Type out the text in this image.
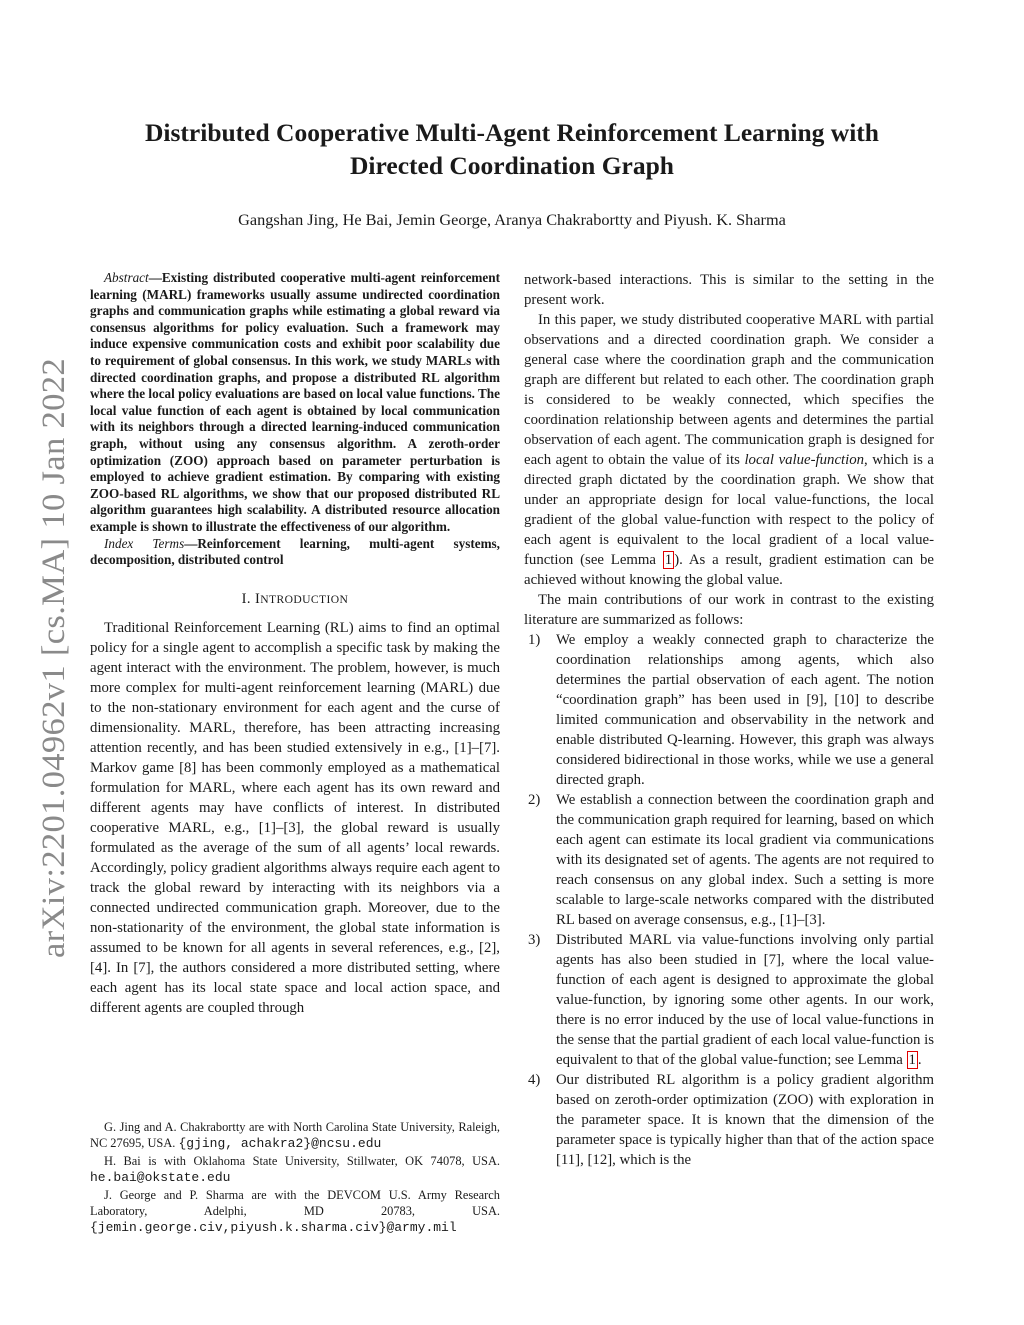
arXiv:2201.04962v1 [cs.MA] 10 Jan 2022
Distributed Cooperative Multi-Agent Reinforcement Learning with
Directed Coordination Graph
Gangshan Jing, He Bai, Jemin George, Aranya Chakrabortty and Piyush. K. Sharma

Abstract—Existing distributed cooperative multi-agent reinforcement learning (MARL) frameworks usually assume undirected coordination graphs and communication graphs while estimating a global reward via consensus algorithms for policy evaluation. Such a framework may induce expensive communication costs and exhibit poor scalability due to requirement of global consensus. In this work, we study MARLs with directed coordination graphs, and propose a distributed RL algorithm where the local policy evaluations are based on local value functions. The local value function of each agent is obtained by local communication with its neighbors through a directed learning-induced communication graph, without using any consensus algorithm. A zeroth-order optimization (ZOO) approach based on parameter perturbation is employed to achieve gradient estimation. By comparing with existing ZOO-based RL algorithms, we show that our proposed distributed RL algorithm guarantees high scalability. A distributed resource allocation example is shown to illustrate the effectiveness of our algorithm.

Index Terms—Reinforcement learning, multi-agent systems, decomposition, distributed control

I. INTRODUCTION

Traditional Reinforcement Learning (RL) aims to find an optimal policy for a single agent to accomplish a specific task by making the agent interact with the environment. The problem, however, is much more complex for multi-agent reinforcement learning (MARL) due to the non-stationary environment for each agent and the curse of dimensionality. MARL, therefore, has been attracting increasing attention recently, and has been studied extensively in e.g., [1]–[7]. Markov game [8] has been commonly employed as a mathematical formulation for MARL, where each agent has its own reward and different agents may have conflicts of interest. In distributed cooperative MARL, e.g., [1]–[3], the global reward is usually formulated as the average of the sum of all agents’ local rewards. Accordingly, policy gradient algorithms always require each agent to track the global reward by interacting with its neighbors via a connected undirected communication graph. Moreover, due to the non-stationarity of the environment, the global state information is assumed to be known for all agents in several references, e.g., [2], [4]. In [7], the authors considered a more distributed setting, where each agent has its local state space and local action space, and different agents are coupled through

G. Jing and A. Chakrabortty are with North Carolina State University, Raleigh, NC 27695, USA. {gjing, achakra2}@ncsu.edu

H. Bai is with Oklahoma State University, Stillwater, OK 74078, USA. he.bai@okstate.edu

J. George and P. Sharma are with the DEVCOM U.S. Army Research Laboratory, Adelphi, MD 20783, USA. {jemin.george.civ,piyush.k.sharma.civ}@army.mil

network-based interactions. This is similar to the setting in the present work.

In this paper, we study distributed cooperative MARL with partial observations and a directed coordination graph. We consider a general case where the coordination graph and the communication graph are different but related to each other. The coordination graph is considered to be weakly connected, which specifies the coordination relationship between agents and determines the partial observation of each agent. The communication graph is designed for each agent to obtain the value of its local value-function, which is a directed graph dictated by the coordination graph. We show that under an appropriate design for local value-functions, the local gradient of the global value-function with respect to the policy of each agent is equivalent to the local gradient of a local value-function (see Lemma 1 ). As a result, gradient estimation can be achieved without knowing the global value.

The main contributions of our work in contrast to the existing literature are summarized as follows:

1)	We employ a weakly connected graph to characterize the coordination relationships among agents, which also determines the partial observation of each agent. The notion “coordination graph” has been used in [9], [10] to describe limited communication and observability in the network and enable distributed Q-learning. However, this graph was always considered bidirectional in those works, while we use a general directed graph.
2)	We establish a connection between the coordination graph and the communication graph required for learning, based on which each agent can estimate its local gradient via communications with its designated set of agents. The agents are not required to reach consensus on any global index. Such a setting is more scalable to large-scale networks compared with the distributed RL based on average consensus, e.g., [1]–[3].
3)	Distributed MARL via value-functions involving only partial agents has also been studied in [7], where the local value-function of each agent is designed to approximate the global value-function, by ignoring some other agents. In our work, there is no error induced by the use of local value-functions in the sense that the partial gradient of each local value-function is equivalent to that of the global value-function; see Lemma 1 .
4)	Our distributed RL algorithm is a policy gradient algorithm based on zeroth-order optimization (ZOO) with exploration in the parameter space. It is known that the dimension of the parameter space is typically higher than that of the action space [11], [12], which is the
